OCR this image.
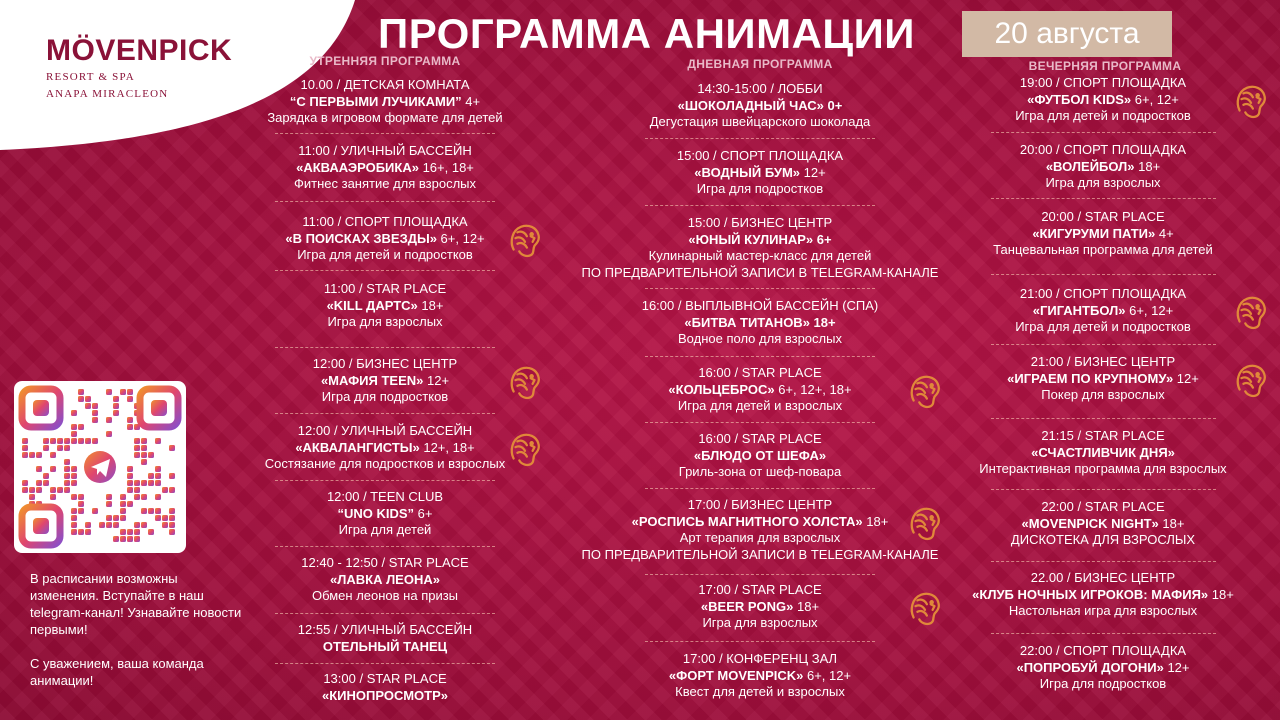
MÖVENPICK
RESORT & SPA
ANAPA MIRACLEON
ПРОГРАММА АНИМАЦИИ	20 августа
УТРЕННЯЯ ПРОГРАММА	ДНЕВНАЯ ПРОГРАММА	ВЕЧЕРНЯЯ ПРОГРАММА
10.00 / ДЕТСКАЯ КОМНАТА
“С ПЕРВЫМИ ЛУЧИКАМИ” 4+
Зарядка в игровом формате для детей
11:00 / УЛИЧНЫЙ БАССЕЙН
«АКВААЭРОБИКА» 16+, 18+
Фитнес занятие для взрослых
11:00 / СПОРТ ПЛОЩАДКА
«В ПОИСКАХ ЗВЕЗДЫ» 6+, 12+
Игра для детей и подростков
11:00 / STAR PLACE
«KILL ДАРТС» 18+
Игра для взрослых
12:00 / БИЗНЕС ЦЕНТР
«МАФИЯ TEEN» 12+
Игра для подростков
12:00 / УЛИЧНЫЙ БАССЕЙН
«АКВАЛАНГИСТЫ» 12+, 18+
Состязание для подростков и взрослых
12:00 / TEEN CLUB
“UNO KIDS” 6+
Игра для детей
12:40 - 12:50 / STAR PLACE
«ЛАВКА ЛЕОНА»
Обмен леонов на призы
12:55 / УЛИЧНЫЙ БАССЕЙН
ОТЕЛЬНЫЙ ТАНЕЦ
13:00 / STAR PLACE
«КИНОПРОСМОТР»
14:30-15:00 / ЛОББИ
«ШОКОЛАДНЫЙ ЧАС» 0+
Дегустация швейцарского шоколада
15:00 / СПОРТ ПЛОЩАДКА
«ВОДНЫЙ БУМ» 12+
Игра для подростков
15:00 / БИЗНЕС ЦЕНТР
«ЮНЫЙ КУЛИНАР» 6+
Кулинарный мастер-класс для детей
ПО ПРЕДВАРИТЕЛЬНОЙ ЗАПИСИ В TELEGRAM-КАНАЛЕ
16:00 / ВЫПЛЫВНОЙ БАССЕЙН (СПА)
«БИТВА ТИТАНОВ» 18+
Водное поло для взрослых
16:00 / STAR PLACE
«КОЛЬЦЕБРОС» 6+, 12+, 18+
Игра для детей и взрослых
16:00 / STAR PLACE
«БЛЮДО ОТ ШЕФА»
Гриль-зона от шеф-повара
17:00 / БИЗНЕС ЦЕНТР
«РОСПИСЬ МАГНИТНОГО ХОЛСТА» 18+
Арт терапия для взрослых
ПО ПРЕДВАРИТЕЛЬНОЙ ЗАПИСИ В TELEGRAM-КАНАЛЕ
17:00 / STAR PLACE
«BEER PONG» 18+
Игра для взрослых
17:00 / КОНФЕРЕНЦ ЗАЛ
«ФОРТ MOVENPICK» 6+, 12+
Квест для детей и взрослых
19:00 / СПОРТ ПЛОЩАДКА
«ФУТБОЛ KIDS» 6+, 12+
Игра для детей и подростков
20:00 / СПОРТ ПЛОЩАДКА
«ВОЛЕЙБОЛ» 18+
Игра для взрослых
20:00 / STAR PLACE
«КИГУРУМИ ПАТИ» 4+
Танцевальная программа для детей
21:00 / СПОРТ ПЛОЩАДКА
«ГИГАНТБОЛ» 6+, 12+
Игра для детей и подростков
21:00 / БИЗНЕС ЦЕНТР
«ИГРАЕМ ПО КРУПНОМУ» 12+
Покер для взрослых
21:15 / STAR PLACE
«СЧАСТЛИВЧИК ДНЯ»
Интерактивная программа для взрослых
22:00 / STAR PLACE
«MOVENPICK NIGHT» 18+
ДИСКОТЕКА ДЛЯ ВЗРОСЛЫХ
22.00 / БИЗНЕС ЦЕНТР
«КЛУБ НОЧНЫХ ИГРОКОВ: МАФИЯ» 18+
Настольная игра для взрослых
22:00 / СПОРТ ПЛОЩАДКА
«ПОПРОБУЙ ДОГОНИ» 12+
Игра для подростков

В расписании возможны изменения. Вступайте в наш telegram-канал! Узнавайте новости первыми!

С уважением, ваша команда анимации!
